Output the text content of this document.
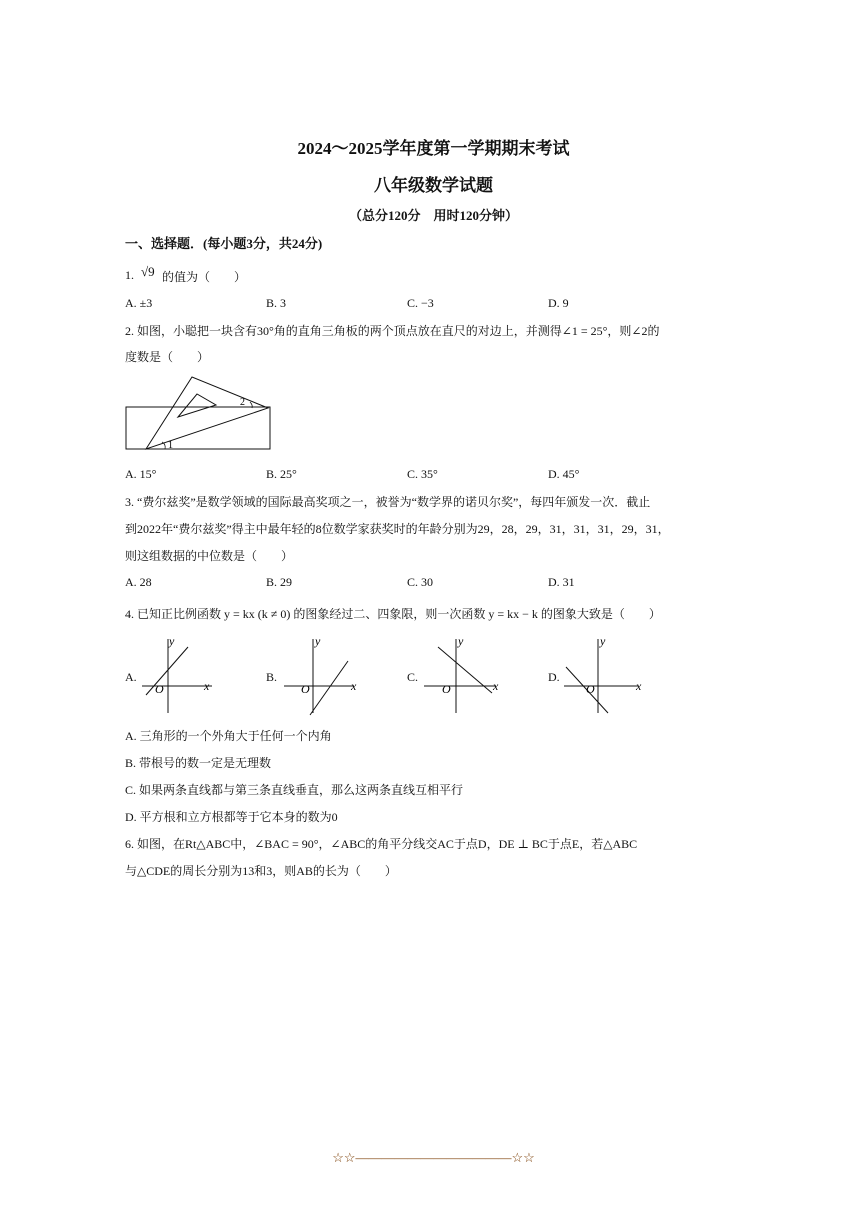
2024～2025学年度第一学期期末考试
八年级数学试题
（总分120分　用时120分钟）
一、选择题．(每小题3分，共24分)
1. √9 的值为（　　）
A. ±3	B. 3	C. −3	D. 9
2. 如图，小聪把一块含有30°角的直角三角板的两个顶点放在直尺的对边上，并测得∠1 = 25°，则∠2的
度数是（　　）
1
2
A. 15°	B. 25°	C. 35°	D. 45°
3. “费尔兹奖”是数学领域的国际最高奖项之一，被誉为“数学界的诺贝尔奖”，每四年颁发一次．截止
到2022年“费尔兹奖”得主中最年轻的8位数学家获奖时的年龄分别为29，28，29，31，31，31，29，31，
则这组数据的中位数是（　　）
A. 28	B. 29	C. 30	D. 31
4. 已知正比例函数 y = kx (k ≠ 0) 的图象经过二、四象限，则一次函数 y = kx − k 的图象大致是（　　）
A.
y
x
O
B.
y
x
O
C.
y
x
O
D.
y
x
O
A. 三角形的一个外角大于任何一个内角
B. 带根号的数一定是无理数
C. 如果两条直线都与第三条直线垂直，那么这两条直线互相平行
D. 平方根和立方根都等于它本身的数为0
6. 如图，在Rt△ABC中，∠BAC = 90°，∠ABC的角平分线交AC于点D，DE ⊥ BC于点E，若△ABC
与△CDE的周长分别为13和3，则AB的长为（　　）
☆☆————————————☆☆
